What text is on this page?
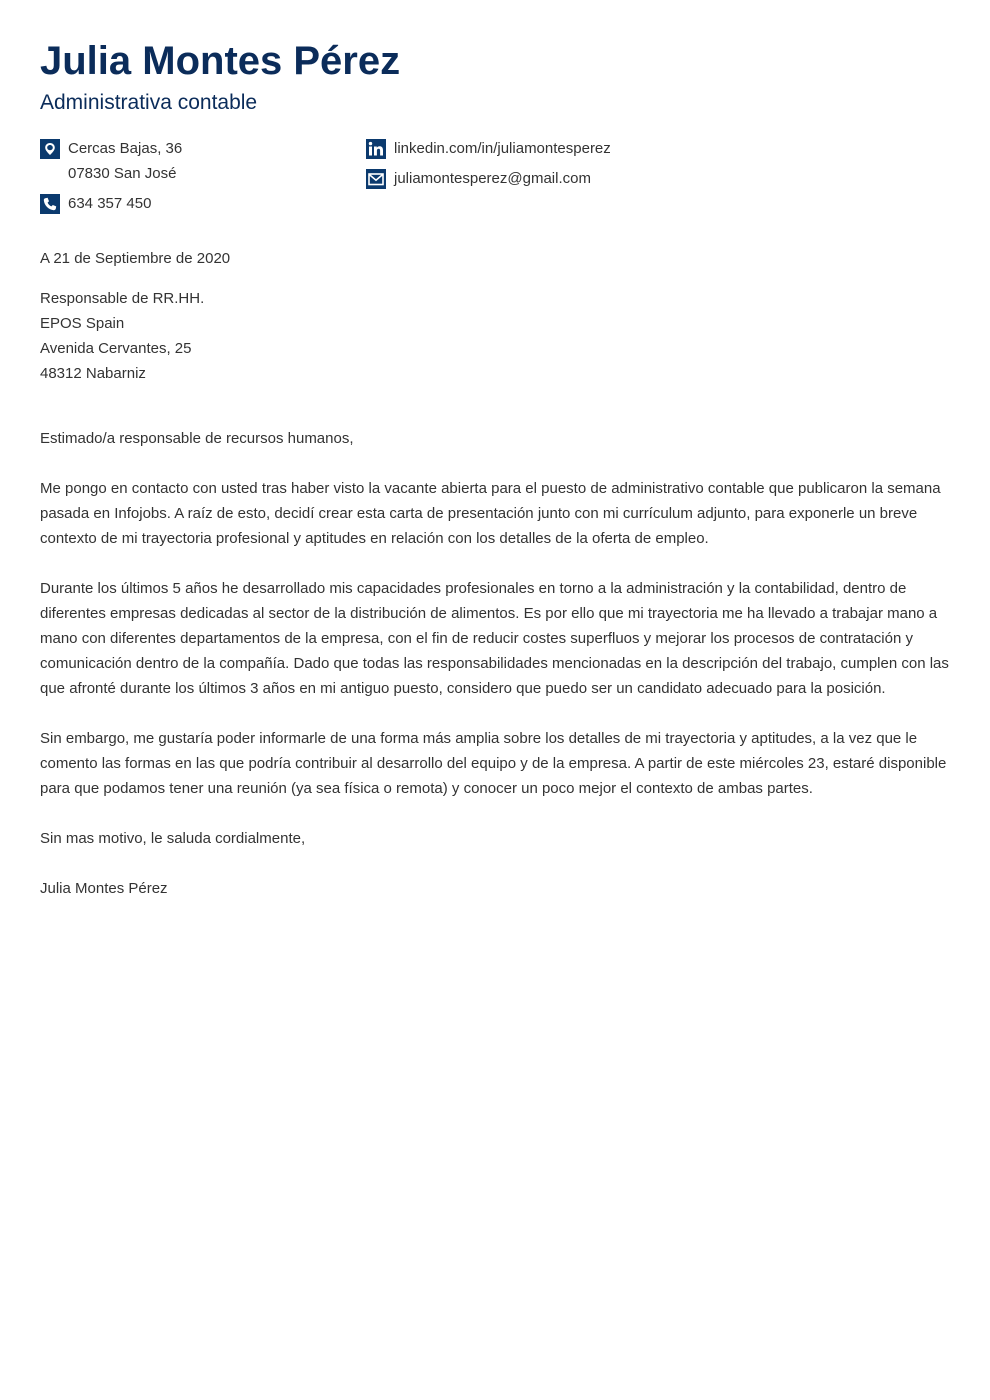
Julia Montes Pérez
Administrativa contable
Cercas Bajas, 36
07830 San José
634 357 450
linkedin.com/in/juliamontesperez
juliamontesperez@gmail.com
A 21 de Septiembre de 2020
Responsable de RR.HH.
EPOS Spain
Avenida Cervantes, 25
48312 Nabarniz
Estimado/a responsable de recursos humanos,
Me pongo en contacto con usted tras haber visto la vacante abierta para el puesto de administrativo contable que publicaron la semana
pasada en Infojobs. A raíz de esto, decidí crear esta carta de presentación junto con mi currículum adjunto, para exponerle un breve
contexto de mi trayectoria profesional y aptitudes en relación con los detalles de la oferta de empleo.
Durante los últimos 5 años he desarrollado mis capacidades profesionales en torno a la administración y la contabilidad, dentro de
diferentes empresas dedicadas al sector de la distribución de alimentos. Es por ello que mi trayectoria me ha llevado a trabajar mano a
mano con diferentes departamentos de la empresa, con el fin de reducir costes superfluos y mejorar los procesos de contratación y
comunicación dentro de la compañía. Dado que todas las responsabilidades mencionadas en la descripción del trabajo, cumplen con las
que afronté durante los últimos 3 años en mi antiguo puesto, considero que puedo ser un candidato adecuado para la posición.
Sin embargo, me gustaría poder informarle de una forma más amplia sobre los detalles de mi trayectoria y aptitudes, a la vez que le
comento las formas en las que podría contribuir al desarrollo del equipo y de la empresa. A partir de este miércoles 23, estaré disponible
para que podamos tener una reunión (ya sea física o remota) y conocer un poco mejor el contexto de ambas partes.
Sin mas motivo, le saluda cordialmente,
Julia Montes Pérez
